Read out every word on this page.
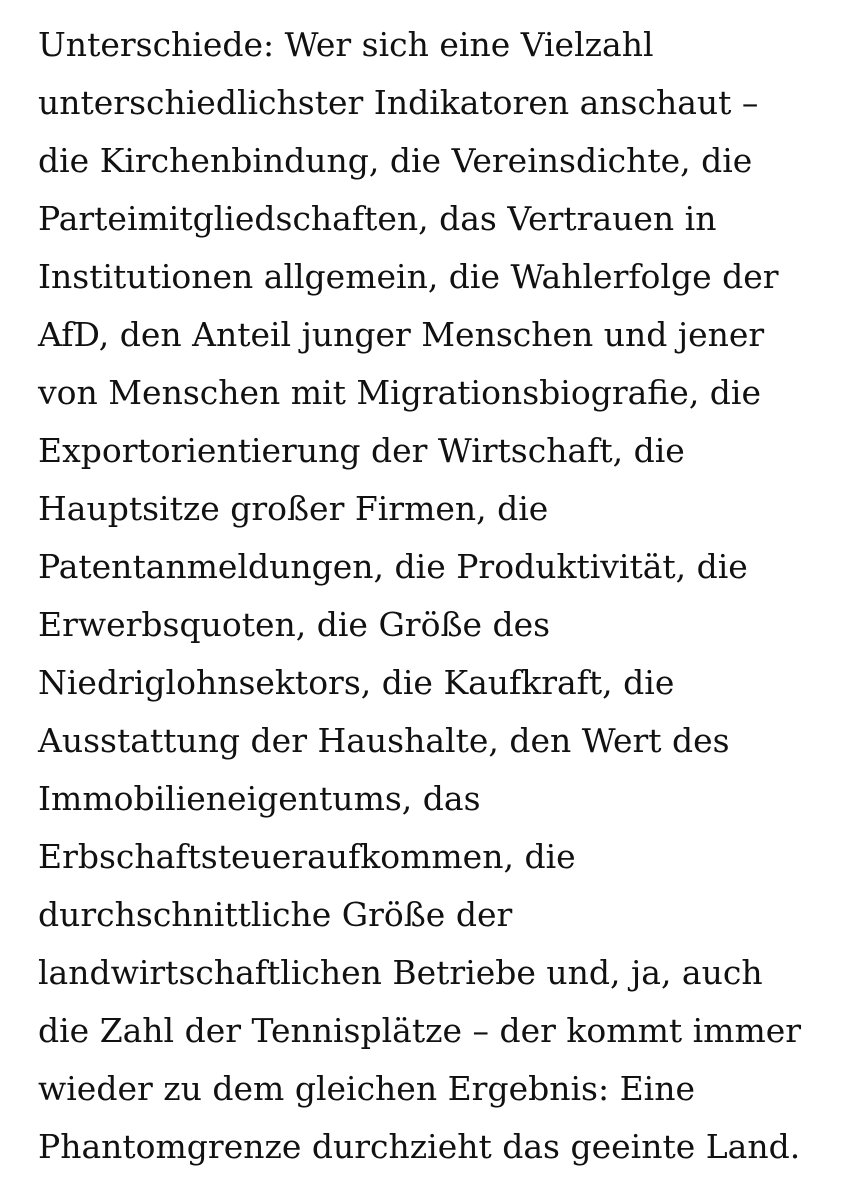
Unterschiede: Wer sich eine Vielzahl
unterschiedlichster Indikatoren anschaut –
die Kirchenbindung, die Vereinsdichte, die
Parteimitgliedschaften, das Vertrauen in
Institutionen allgemein, die Wahlerfolge der
AfD, den Anteil junger Menschen und jener
von Menschen mit Migrationsbiografie, die
Exportorientierung der Wirtschaft, die
Hauptsitze großer Firmen, die
Patentanmeldungen, die Produktivität, die
Erwerbsquoten, die Größe des
Niedriglohnsektors, die Kaufkraft, die
Ausstattung der Haushalte, den Wert des
Immobilieneigentums, das
Erbschaftsteueraufkommen, die
durchschnittliche Größe der
landwirtschaftlichen Betriebe und, ja, auch
die Zahl der Tennisplätze – der kommt immer
wieder zu dem gleichen Ergebnis: Eine
Phantomgrenze durchzieht das geeinte Land.
